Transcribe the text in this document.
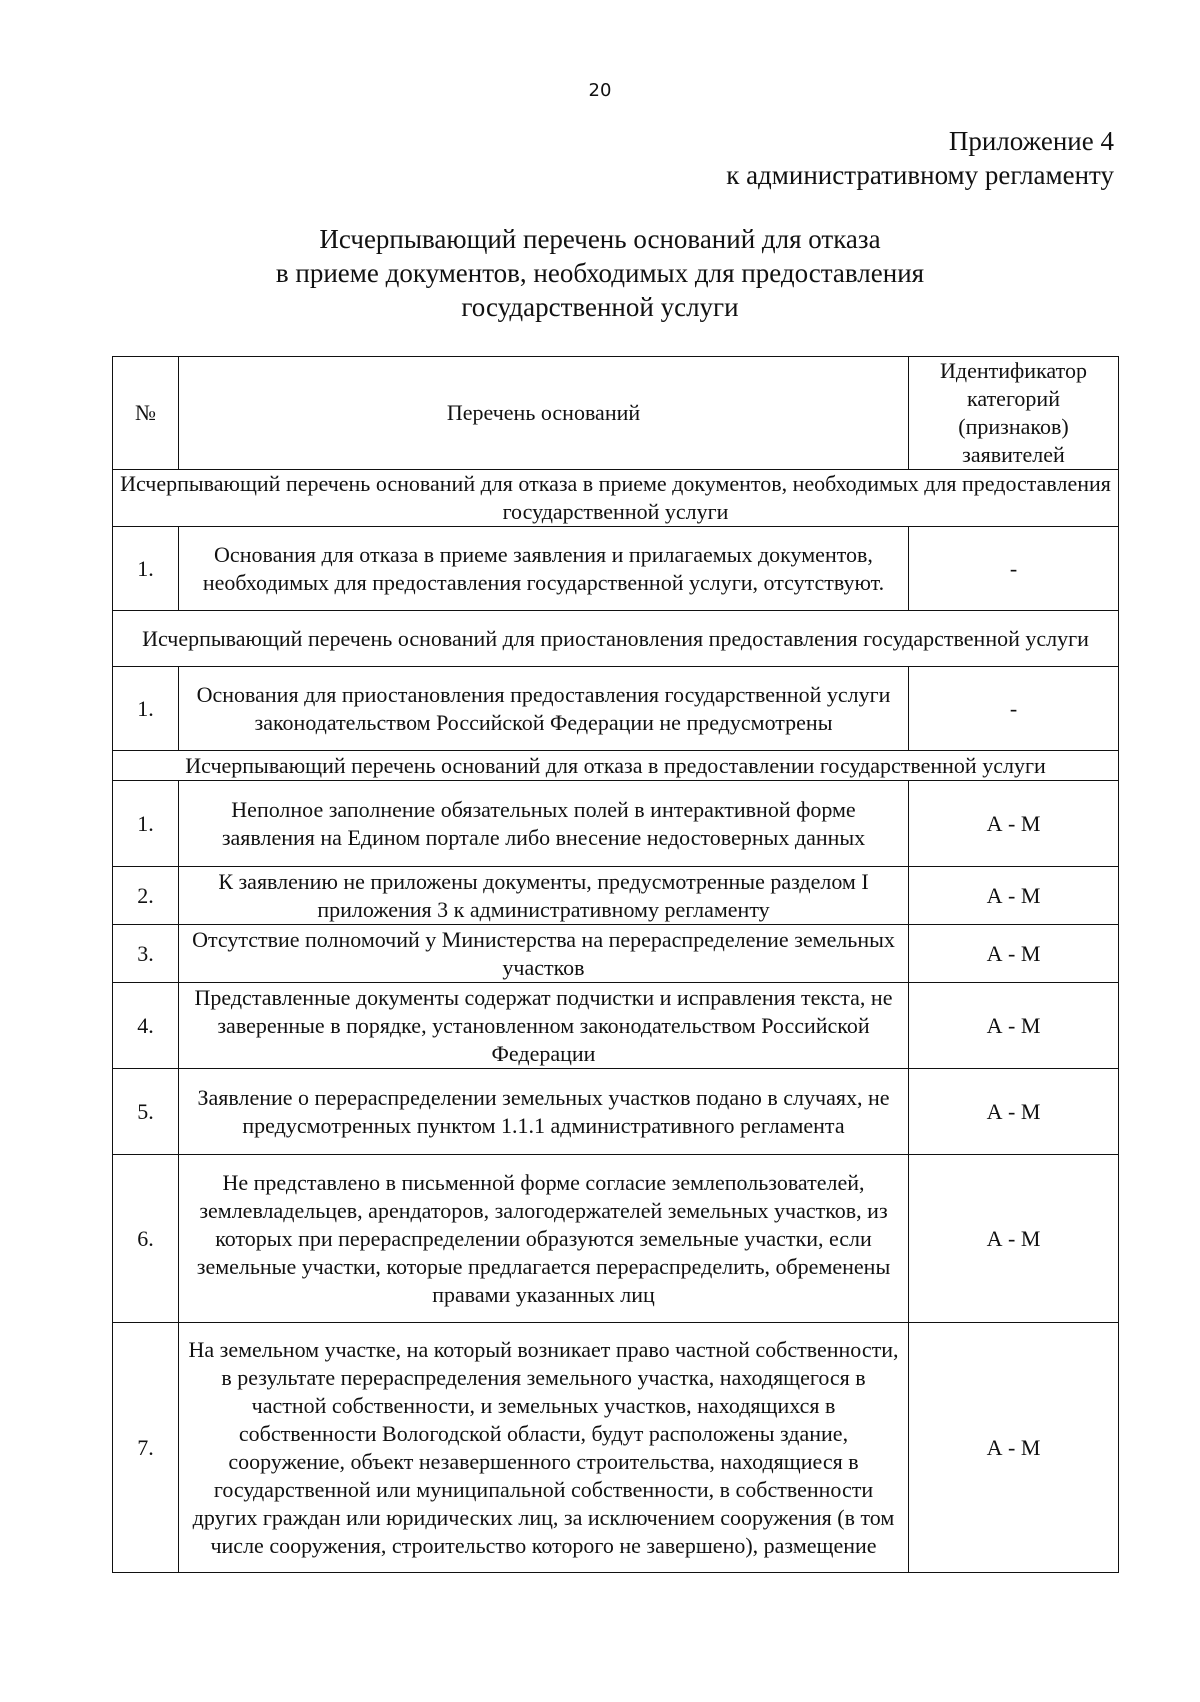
20
Приложение 4
к административному регламенту
Исчерпывающий перечень оснований для отказа
в приеме документов, необходимых для предоставления
государственной услуги
№	Перечень оснований	Идентификатор категорий (признаков) заявителей
Исчерпывающий перечень оснований для отказа в приеме документов, необходимых для предоставления государственной услуги		
1.	Основания для отказа в приеме заявления и прилагаемых документов, необходимых для предоставления государственной услуги, отсутствуют.	-
Исчерпывающий перечень оснований для приостановления предоставления государственной услуги		
1.	Основания для приостановления предоставления государственной услуги законодательством Российской Федерации не предусмотрены	-
Исчерпывающий перечень оснований для отказа в предоставлении государственной услуги		
1.	Неполное заполнение обязательных полей в интерактивной форме заявления на Едином портале либо внесение недостоверных данных	А - М
2.	К заявлению не приложены документы, предусмотренные разделом I приложения 3 к административному регламенту	А - М
3.	Отсутствие полномочий у Министерства на перераспределение земельных участков	А - М
4.	Представленные документы содержат подчистки и исправления текста, не заверенные в порядке, установленном законодательством Российской Федерации	А - М
5.	Заявление о перераспределении земельных участков подано в случаях, не предусмотренных пунктом 1.1.1 административного регламента	А - М
6.	Не представлено в письменной форме согласие землепользователей, землевладельцев, арендаторов, залогодержателей земельных участков, из которых при перераспределении образуются земельные участки, если земельные участки, которые предлагается перераспределить, обременены правами указанных лиц	А - М
7.	На земельном участке, на который возникает право частной собственности, в результате перераспределения земельного участка, находящегося в частной собственности, и земельных участков, находящихся в собственности Вологодской области, будут расположены здание, сооружение, объект незавершенного строительства, находящиеся в государственной или муниципальной собственности, в собственности других граждан или юридических лиц, за исключением сооружения (в том числе сооружения, строительство которого не завершено), размещение	А - М
